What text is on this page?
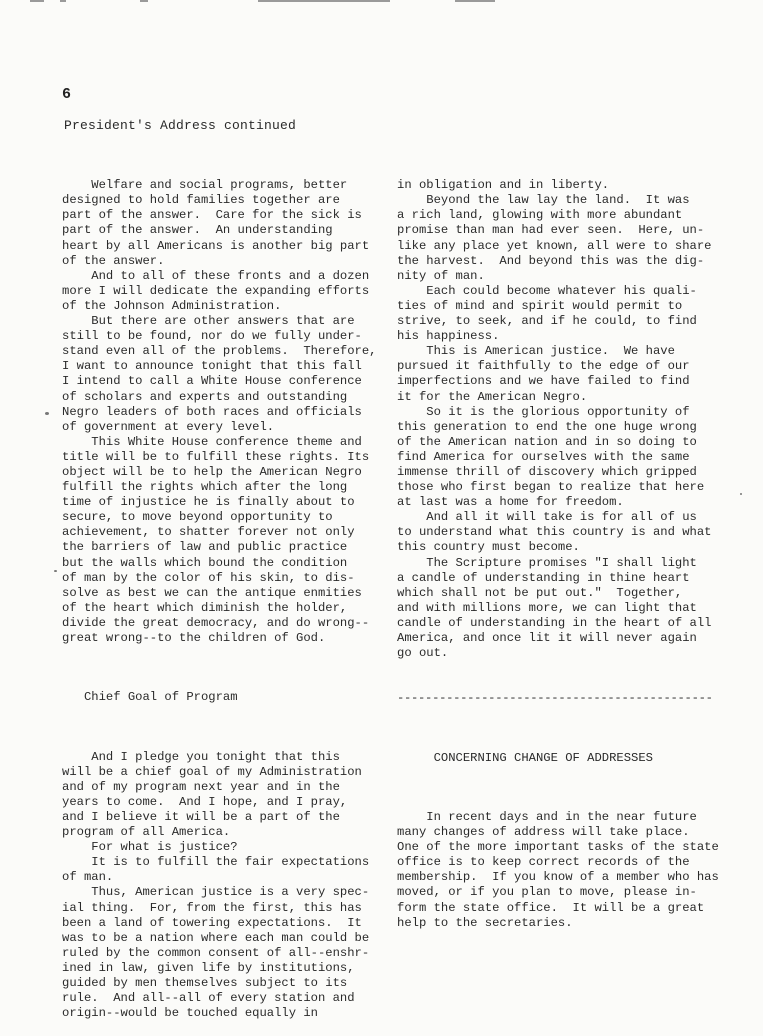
6
President's Address continued

Welfare and social programs, better
designed to hold families together are
part of the answer.  Care for the sick is
part of the answer.  An understanding
heart by all Americans is another big part
of the answer.
And to all of these fronts and a dozen
more I will dedicate the expanding efforts
of the Johnson Administration.
But there are other answers that are
still to be found, nor do we fully under-
stand even all of the problems.  Therefore,
I want to announce tonight that this fall
I intend to call a White House conference
of scholars and experts and outstanding
Negro leaders of both races and officials
of government at every level.
This White House conference theme and
title will be to fulfill these rights. Its
object will be to help the American Negro
fulfill the rights which after the long
time of injustice he is finally about to
secure, to move beyond opportunity to
achievement, to shatter forever not only
the barriers of law and public practice
but the walls which bound the condition
of man by the color of his skin, to dis-
solve as best we can the antique enmities
of the heart which diminish the holder,
divide the great democracy, and do wrong--
great wrong--to the children of God.

Chief Goal of Program

And I pledge you tonight that this
will be a chief goal of my Administration
and of my program next year and in the
years to come.  And I hope, and I pray,
and I believe it will be a part of the
program of all America.
For what is justice?
It is to fulfill the fair expectations
of man.
Thus, American justice is a very spec-
ial thing.  For, from the first, this has
been a land of towering expectations.  It
was to be a nation where each man could be
ruled by the common consent of all--enshr-
ined in law, given life by institutions,
guided by men themselves subject to its
rule.  And all--all of every station and
origin--would be touched equally in

in obligation and in liberty.
Beyond the law lay the land.  It was
a rich land, glowing with more abundant
promise than man had ever seen.  Here, un-
like any place yet known, all were to share
the harvest.  And beyond this was the dig-
nity of man.
Each could become whatever his quali-
ties of mind and spirit would permit to
strive, to seek, and if he could, to find
his happiness.
This is American justice.  We have
pursued it faithfully to the edge of our
imperfections and we have failed to find
it for the American Negro.
So it is the glorious opportunity of
this generation to end the one huge wrong
of the American nation and in so doing to
find America for ourselves with the same
immense thrill of discovery which gripped
those who first began to realize that here
at last was a home for freedom.
And all it will take is for all of us
to understand what this country is and what
this country must become.
The Scripture promises "I shall light
a candle of understanding in thine heart
which shall not be put out."  Together,
and with millions more, we can light that
candle of understanding in the heart of all
America, and once lit it will never again
go out.

---------------------------------------------

CONCERNING CHANGE OF ADDRESSES

In recent days and in the near future
many changes of address will take place.
One of the more important tasks of the state
office is to keep correct records of the
membership.  If you know of a member who has
moved, or if you plan to move, please in-
form the state office.  It will be a great
help to the secretaries.
